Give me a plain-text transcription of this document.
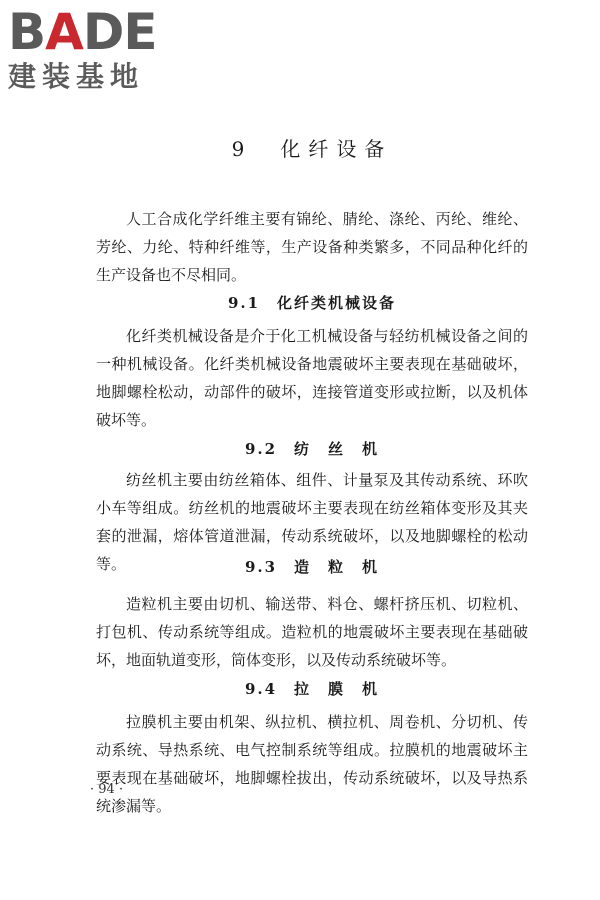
BADE
建装基地
9　化纤设备

人工合成化学纤维主要有锦纶、腈纶、涤纶、丙纶、维纶、芳纶、力纶、特种纤维等，生产设备种类繁多，不同品种化纤的生产设备也不尽相同。

9.1　化纤类机械设备

化纤类机械设备是介于化工机械设备与轻纺机械设备之间的一种机械设备。化纤类机械设备地震破坏主要表现在基础破坏，地脚螺栓松动，动部件的破坏，连接管道变形或拉断，以及机体破坏等。

9.2　纺　丝　机

纺丝机主要由纺丝箱体、组件、计量泵及其传动系统、环吹小车等组成。纺丝机的地震破坏主要表现在纺丝箱体变形及其夹套的泄漏，熔体管道泄漏，传动系统破坏，以及地脚螺栓的松动等。	9.3　造　粒　机

造粒机主要由切机、输送带、料仓、螺杆挤压机、切粒机、打包机、传动系统等组成。造粒机的地震破坏主要表现在基础破坏，地面轨道变形，筒体变形，以及传动系统破坏等。

9.4　拉　膜　机

拉膜机主要由机架、纵拉机、横拉机、周卷机、分切机、传动系统、导热系统、电气控制系统等组成。拉膜机的地震破坏主要表现在基础破坏，地脚螺栓拔出，传动系统破坏，以及导热系统渗漏等。

· 94 ·
